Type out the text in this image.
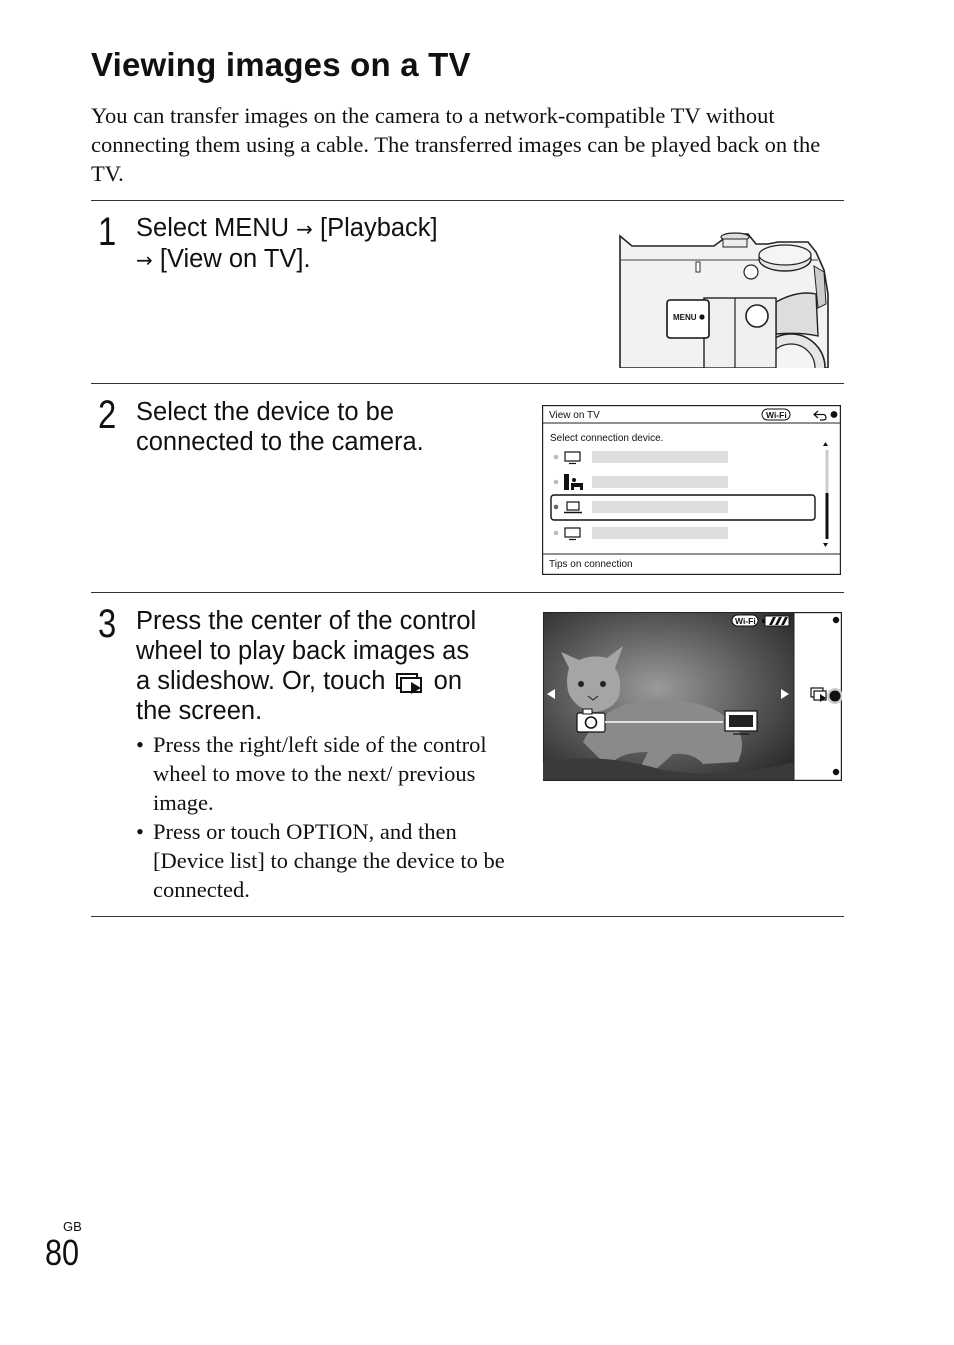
Viewing images on a TV

You can transfer images on the camera to a network-compatible TV without connecting them using a cable. The transferred images can be played back on the TV.

1 Select MENU → [Playback]
→ [View on TV].

MENU
2 Select the device to be
connected to the camera.

View on TV	Wi-Fi
Select connection device.
Tips on connection
3 Press the center of the control
wheel to play back images as
a slideshow. Or, touch on
the screen.

• Press the right/left side of the control wheel to move to the next/ previous image.
• Press or touch OPTION, and then [Device list] to change the device to be connected.
Wi-Fi
GB
80
